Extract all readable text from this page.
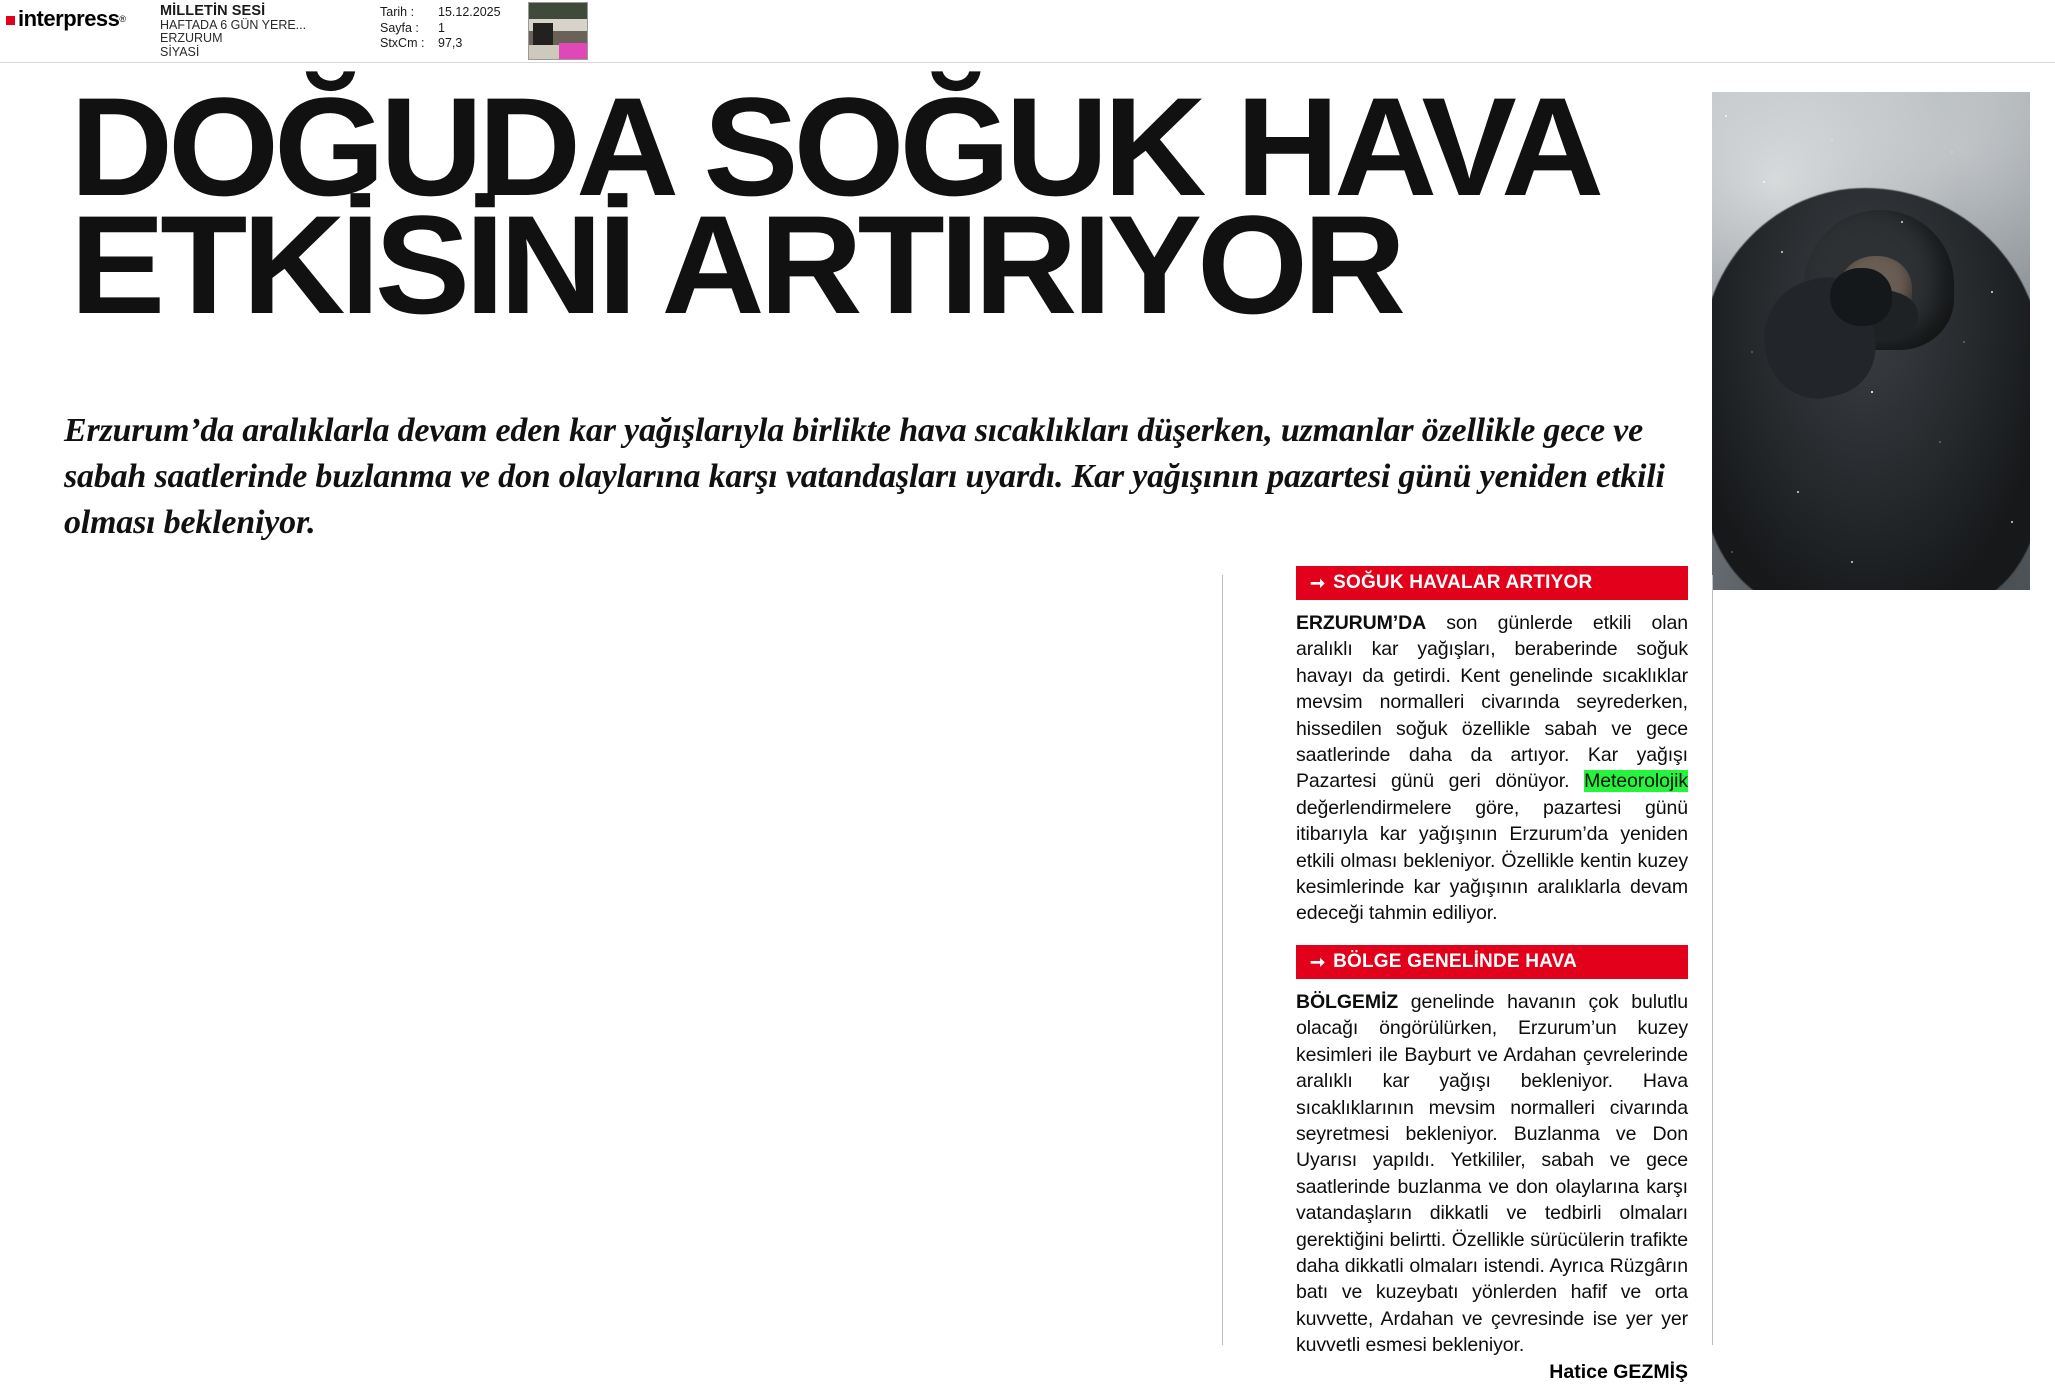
inter press ® MİLLETİN SESİ
HAFTADA 6 GÜN YERE...
ERZURUM
SİYASİ
Tarih :	15.12.2025
Sayfa :	1
StxCm :	97,3
DOĞUDA SOĞUK HAVA
ETKİSİNİ ARTIRIYOR
Erzurum’da aralıklarla devam eden kar yağışlarıyla birlikte hava sıcaklıkları düşerken, uzmanlar özellikle gece ve sabah saatlerinde buzlanma ve don olaylarına karşı vatandaşları uyardı. Kar yağışının pazartesi günü yeniden etkili olması bekleniyor.
➞ SOĞUK HAVALAR ARTIYOR
ERZURUM’DA son günlerde etkili olan aralıklı kar yağışları, beraberinde soğuk havayı da getirdi. Kent genelinde sıcaklıklar mevsim normalleri civarında seyrederken, hissedilen soğuk özellikle sabah ve gece saatlerinde daha da artıyor. Kar yağışı Pazartesi günü geri dönüyor. Meteorolojik değerlendirmelere göre, pazartesi günü itibarıyla kar yağışının Erzurum’da yeniden etkili olması bekleniyor. Özellikle kentin kuzey kesimlerinde kar yağışının aralıklarla devam edeceği tahmin ediliyor.
➞ BÖLGE GENELİNDE HAVA
BÖLGEMİZ genelinde havanın çok bulutlu olacağı öngörülürken, Erzurum’un kuzey kesimleri ile Bayburt ve Ardahan çevrelerinde aralıklı kar yağışı bekleniyor. Hava sıcaklıklarının mevsim normalleri civarında seyretmesi bekleniyor. Buzlanma ve Don Uyarısı yapıldı. Yetkililer, sabah ve gece saatlerinde buzlanma ve don olaylarına karşı vatandaşların dikkatli ve tedbirli olmaları gerektiğini belirtti. Özellikle sürücülerin trafikte daha dikkatli olmaları istendi. Ayrıca Rüzgârın batı ve kuzeybatı yönlerden hafif ve orta kuvvette, Ardahan ve çevresinde ise yer yer kuvvetli esmesi bekleniyor.
Hatice GEZMİŞ
